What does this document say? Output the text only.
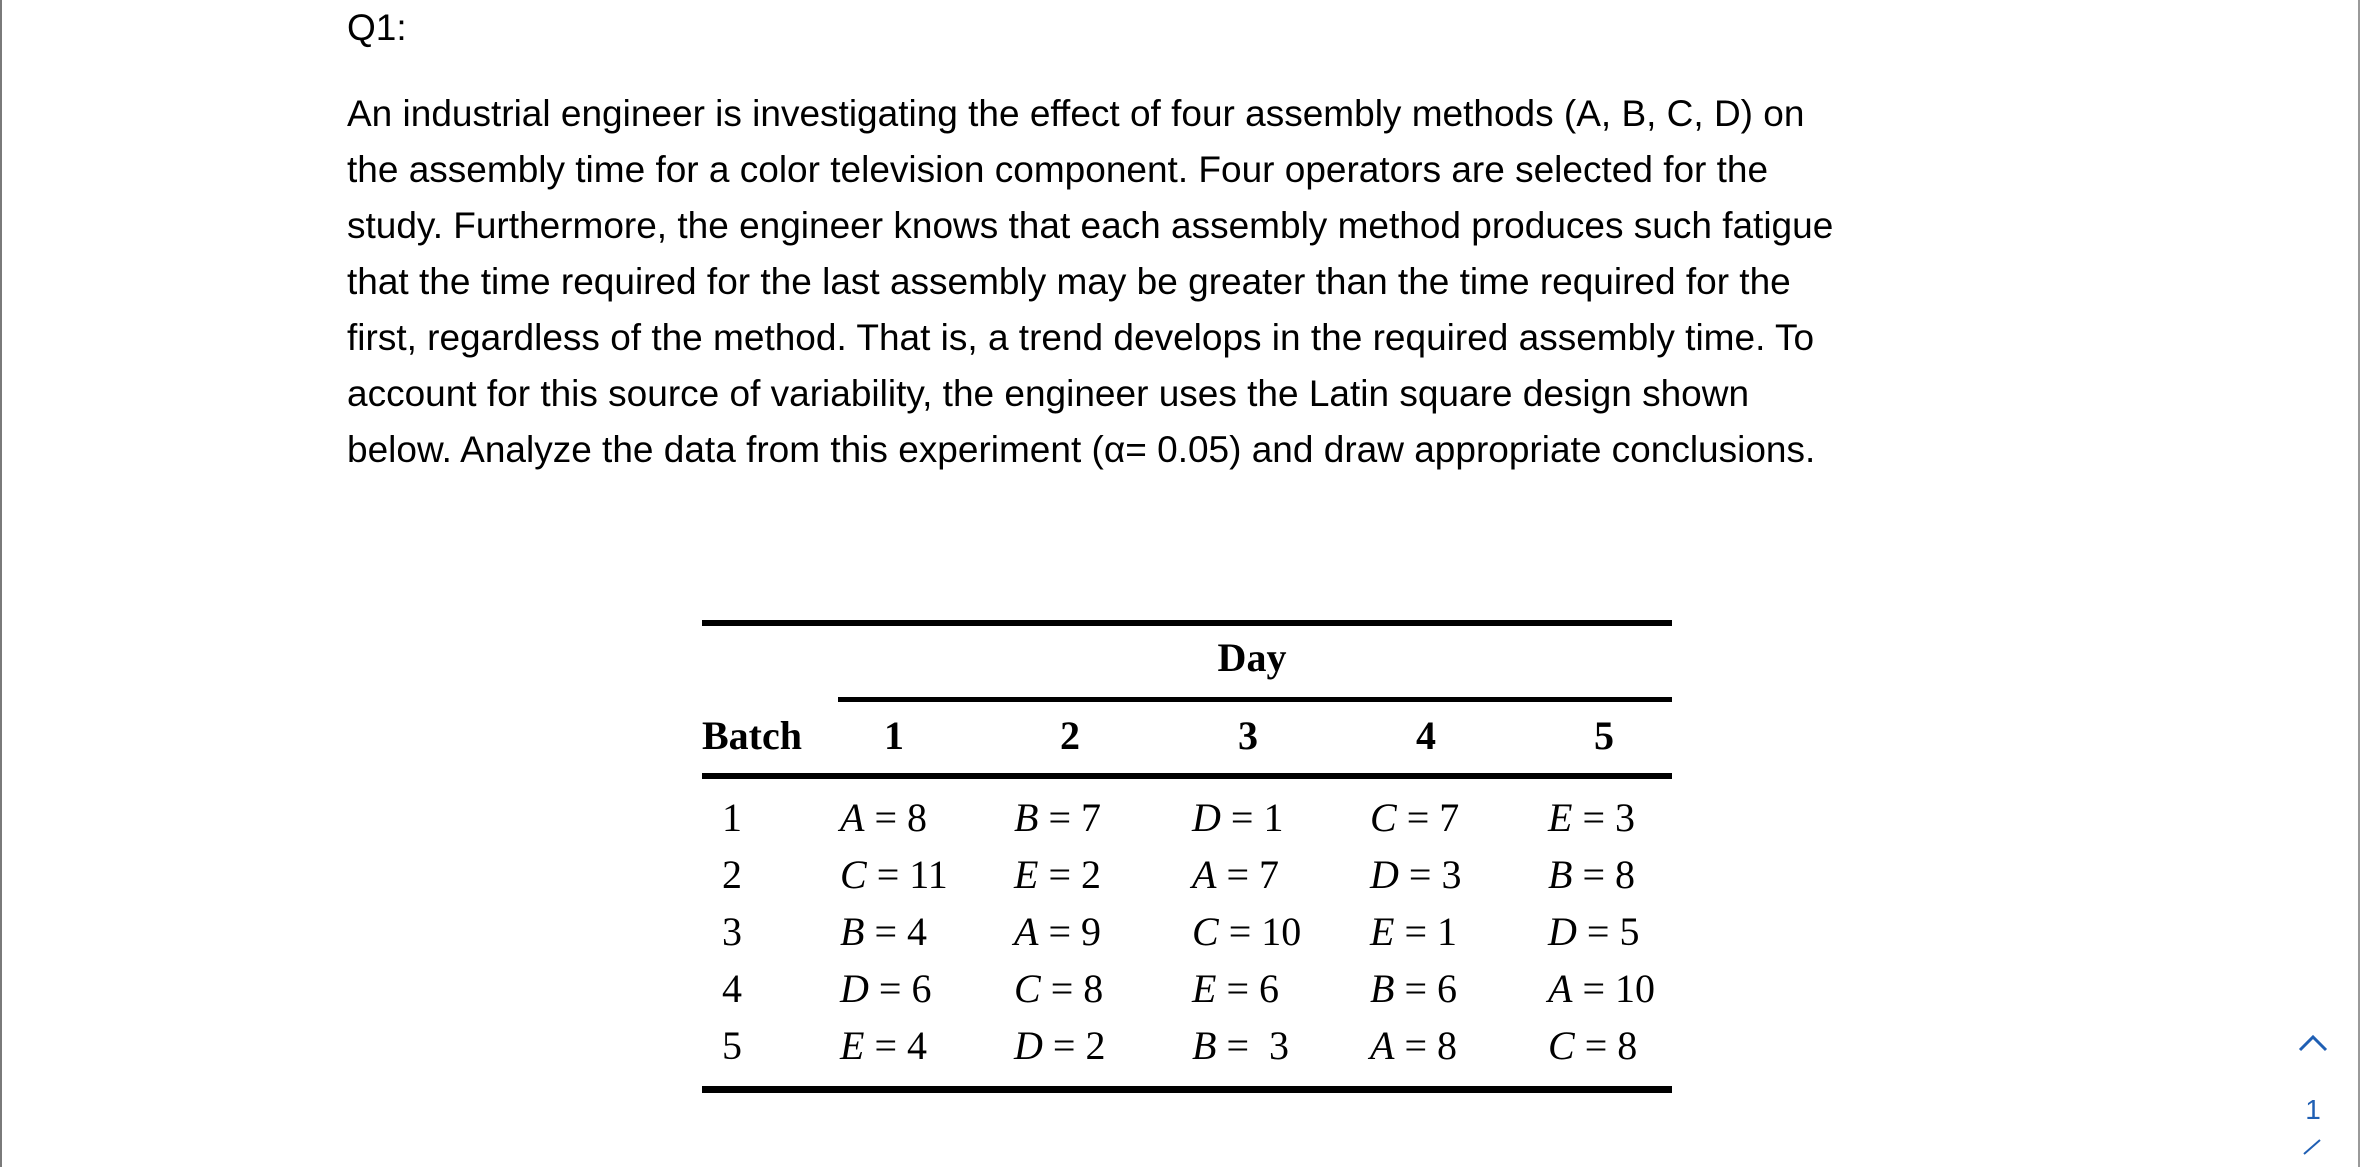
Q1:
An industrial engineer is investigating the effect of four assembly methods (A, B, C, D) on
the assembly time for a color television component. Four operators are selected for the
study. Furthermore, the engineer knows that each assembly method produces such fatigue
that the time required for the last assembly may be greater than the time required for the
first, regardless of the method. That is, a trend develops in the required assembly time. To
account for this source of variability, the engineer uses the Latin square design shown
below. Analyze the data from this experiment (α= 0.05) and draw appropriate conclusions.
Day
Batch 1	2	3	4	5
1 A = 8 B = 7 D = 1 C = 7 E = 3
2 C = 11 E = 2 A = 7 D = 3 B = 8
3 B = 4 A = 9 C = 10 E = 1 D = 5
4 D = 6 C = 8 E = 6 B = 6 A = 10
5 E = 4 D = 2 B =  3 A = 8 C = 8
1
